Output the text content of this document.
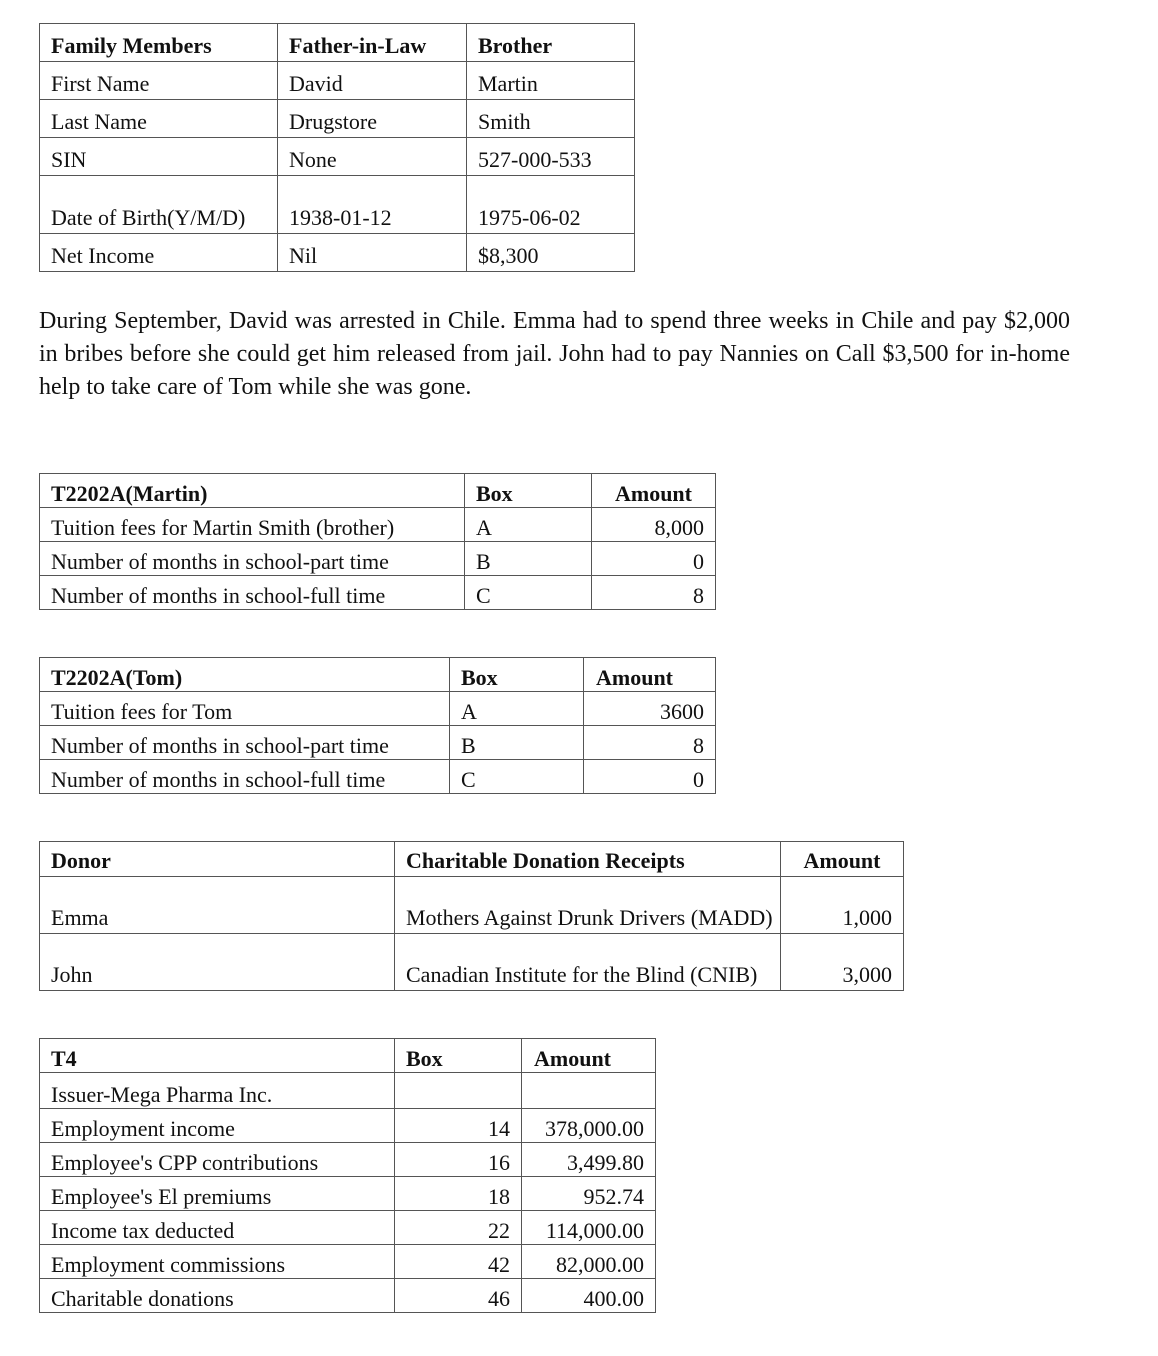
Family Members	Father-in-Law	Brother
First Name	David	Martin
Last Name	Drugstore	Smith
SIN	None	527-000-533
Date of Birth(Y/M/D)	1938-01-12	1975-06-02
Net Income	Nil	$8,300
During September, David was arrested in Chile. Emma had to spend three weeks in Chile and pay $2,000 in bribes before she could get him released from jail. John had to pay Nannies on Call $3,500 for in-home help to take care of Tom while she was gone.
T2202A(Martin)	Box	Amount
Tuition fees for Martin Smith (brother)	A	8,000
Number of months in school-part time	B	0
Number of months in school-full time	C	8
T2202A(Tom)	Box	Amount
Tuition fees for Tom	A	3600
Number of months in school-part time	B	8
Number of months in school-full time	C	0
Donor	Charitable Donation Receipts	Amount
Emma	Mothers Against Drunk Drivers (MADD)	1,000
John	Canadian Institute for the Blind (CNIB)	3,000
T4	Box	Amount
Issuer-Mega Pharma Inc.		
Employment income	14	378,000.00
Employee's CPP contributions	16	3,499.80
Employee's El premiums	18	952.74
Income tax deducted	22	114,000.00
Employment commissions	42	82,000.00
Charitable donations	46	400.00
